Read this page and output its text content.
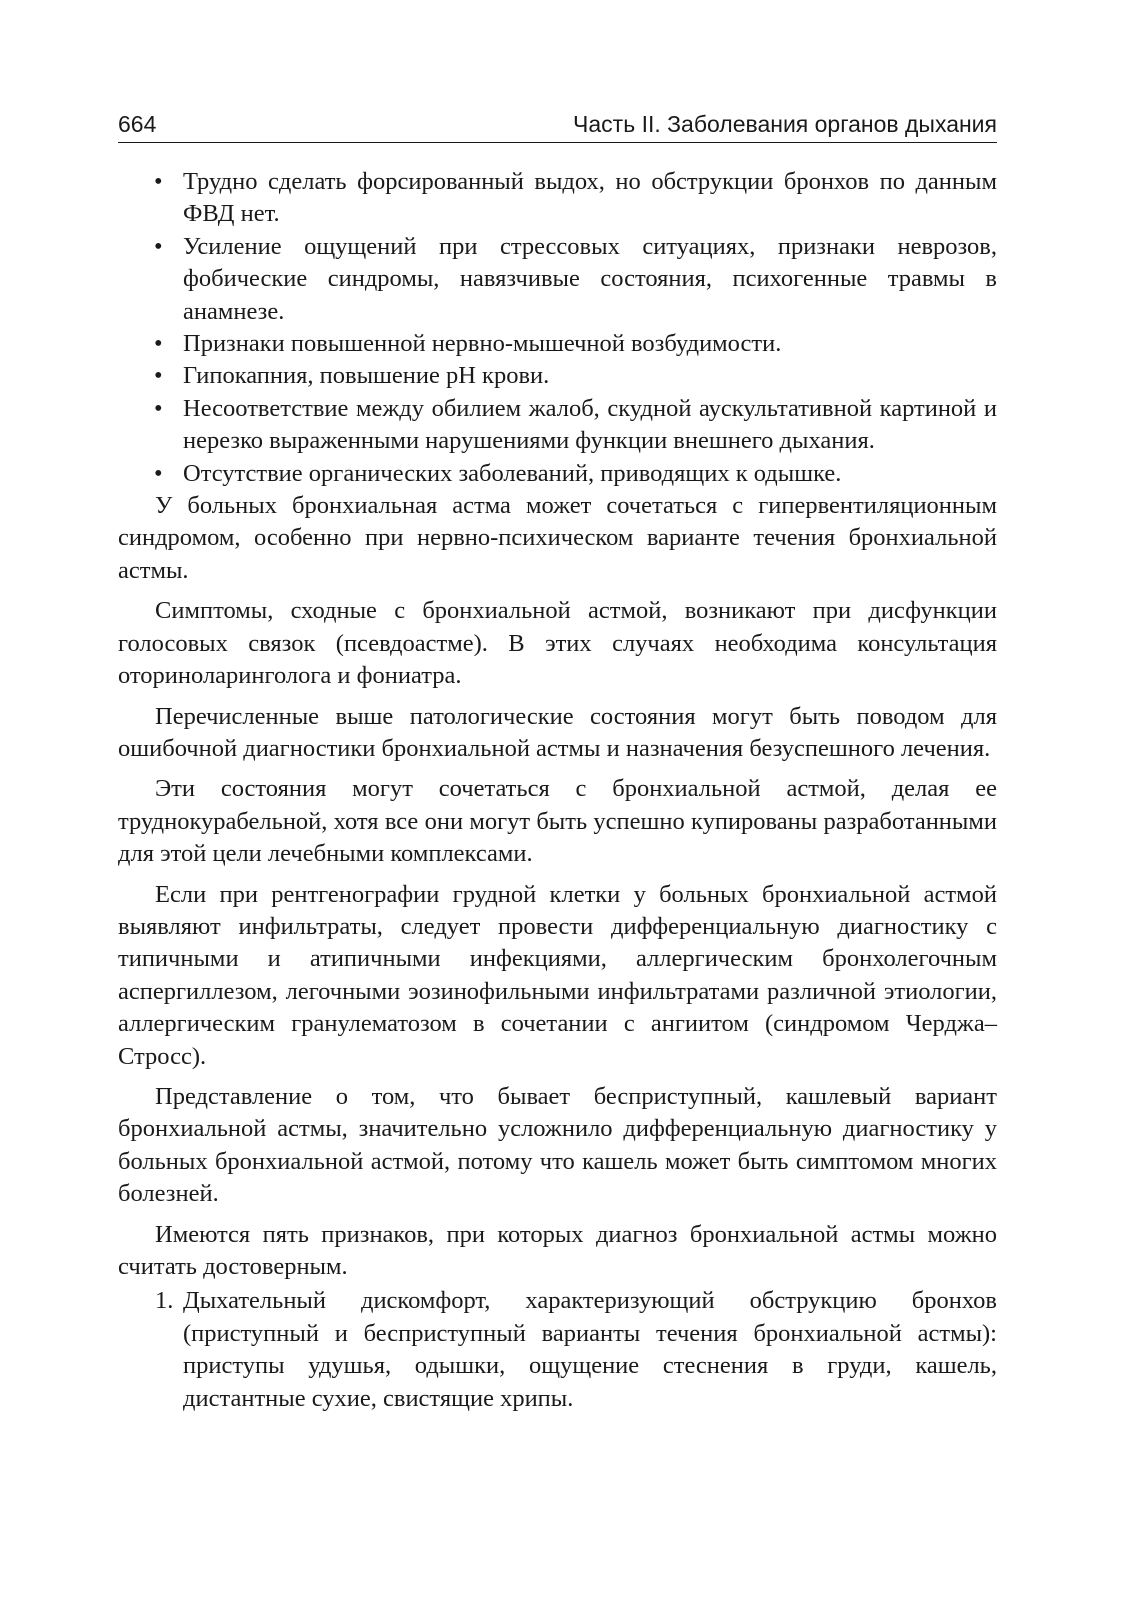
664	Часть II. Заболевания органов дыхания
• Трудно сделать форсированный выдох, но обструкции бронхов по данным ФВД нет.
• Усиление ощущений при стрессовых ситуациях, признаки неврозов, фобические синдромы, навязчивые состояния, психогенные травмы в анамнезе.
• Признаки повышенной нервно-мышечной возбудимости.
• Гипокапния, повышение pH крови.
• Несоответствие между обилием жалоб, скудной аускультативной картиной и нерезко выраженными нарушениями функции внешнего дыхания.
• Отсутствие органических заболеваний, приводящих к одышке.

У больных бронхиальная астма может сочетаться с гипервентиляционным синдромом, особенно при нервно-психическом варианте течения бронхиальной астмы.

Симптомы, сходные с бронхиальной астмой, возникают при дисфункции голосовых связок (псевдоастме). В этих случаях необходима консультация оториноларинголога и фониатра.

Перечисленные выше патологические состояния могут быть поводом для ошибочной диагностики бронхиальной астмы и назначения безуспешного лечения.

Эти состояния могут сочетаться с бронхиальной астмой, делая ее труднокурабельной, хотя все они могут быть успешно купированы разработанными для этой цели лечебными комплексами.

Если при рентгенографии грудной клетки у больных бронхиальной астмой выявляют инфильтраты, следует провести дифференциальную диагностику с типичными и атипичными инфекциями, аллергическим бронхолегочным аспергиллезом, легочными эозинофильными инфильтратами различной этиологии, аллергическим гранулематозом в сочетании с ангиитом (синдромом Черджа–Стросс).

Представление о том, что бывает бесприступный, кашлевый вариант бронхиальной астмы, значительно усложнило дифференциальную диагностику у больных бронхиальной астмой, потому что кашель может быть симптомом многих болезней.

Имеются пять признаков, при которых диагноз бронхиальной астмы можно считать достоверным.

1. Дыхательный дискомфорт, характеризующий обструкцию бронхов (приступный и бесприступный варианты течения бронхиальной астмы): приступы удушья, одышки, ощущение стеснения в груди, кашель, дистантные сухие, свистящие хрипы.
